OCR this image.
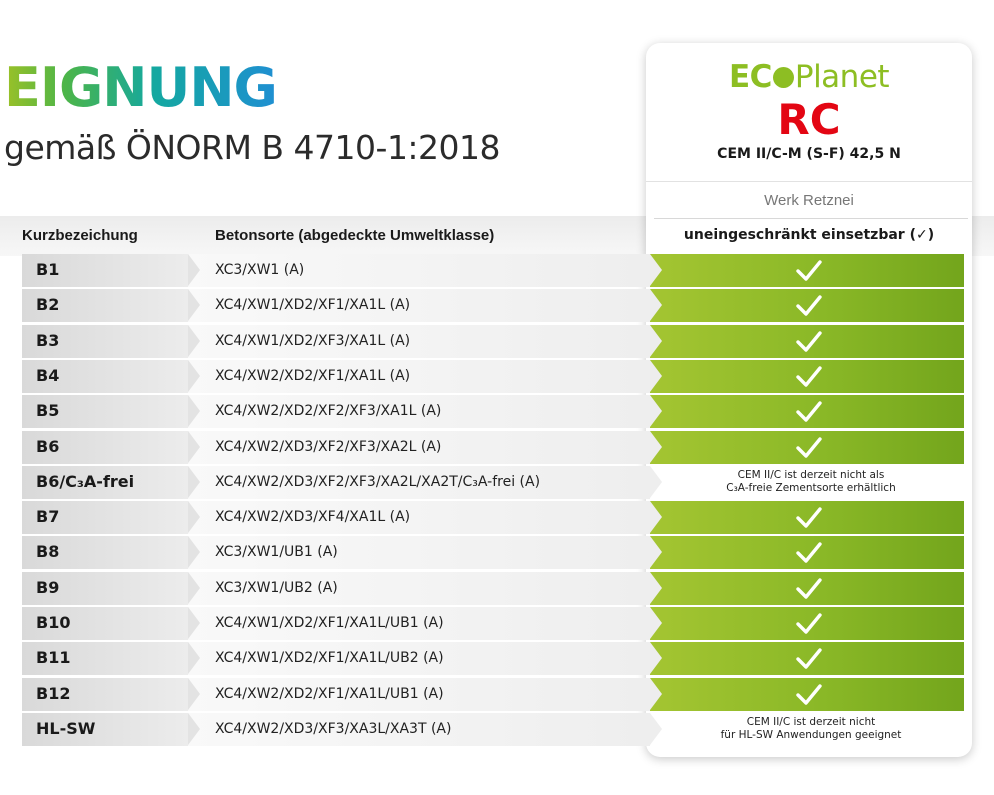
EIGNUNG
gemäß ÖNORM B 4710-1:2018
EC Planet
RC
CEM II/C-M (S-F) 42,5 N
Werk Retznei
Kurzbezeichung	Betonsorte (abgedeckte Umweltklasse)	uneingeschränkt einsetzbar (✓)
B1	XC3/XW1 (A)
B2	XC4/XW1/XD2/XF1/XA1L (A)
B3	XC4/XW1/XD2/XF3/XA1L (A)
B4	XC4/XW2/XD2/XF1/XA1L (A)
B5	XC4/XW2/XD2/XF2/XF3/XA1L (A)
B6	XC4/XW2/XD3/XF2/XF3/XA2L (A)
B6/C₃A-frei	XC4/XW2/XD3/XF2/XF3/XA2L/XA2T/C₃A-frei (A)	CEM II/C ist derzeit nicht als
C₃A-freie Zementsorte erhältlich
B7	XC4/XW2/XD3/XF4/XA1L (A)
B8	XC3/XW1/UB1 (A)
B9	XC3/XW1/UB2 (A)
B10	XC4/XW1/XD2/XF1/XA1L/UB1 (A)
B11	XC4/XW1/XD2/XF1/XA1L/UB2 (A)
B12	XC4/XW2/XD2/XF1/XA1L/UB1 (A)
HL-SW	XC4/XW2/XD3/XF3/XA3L/XA3T (A)	CEM II/C ist derzeit nicht
für HL-SW Anwendungen geeignet
